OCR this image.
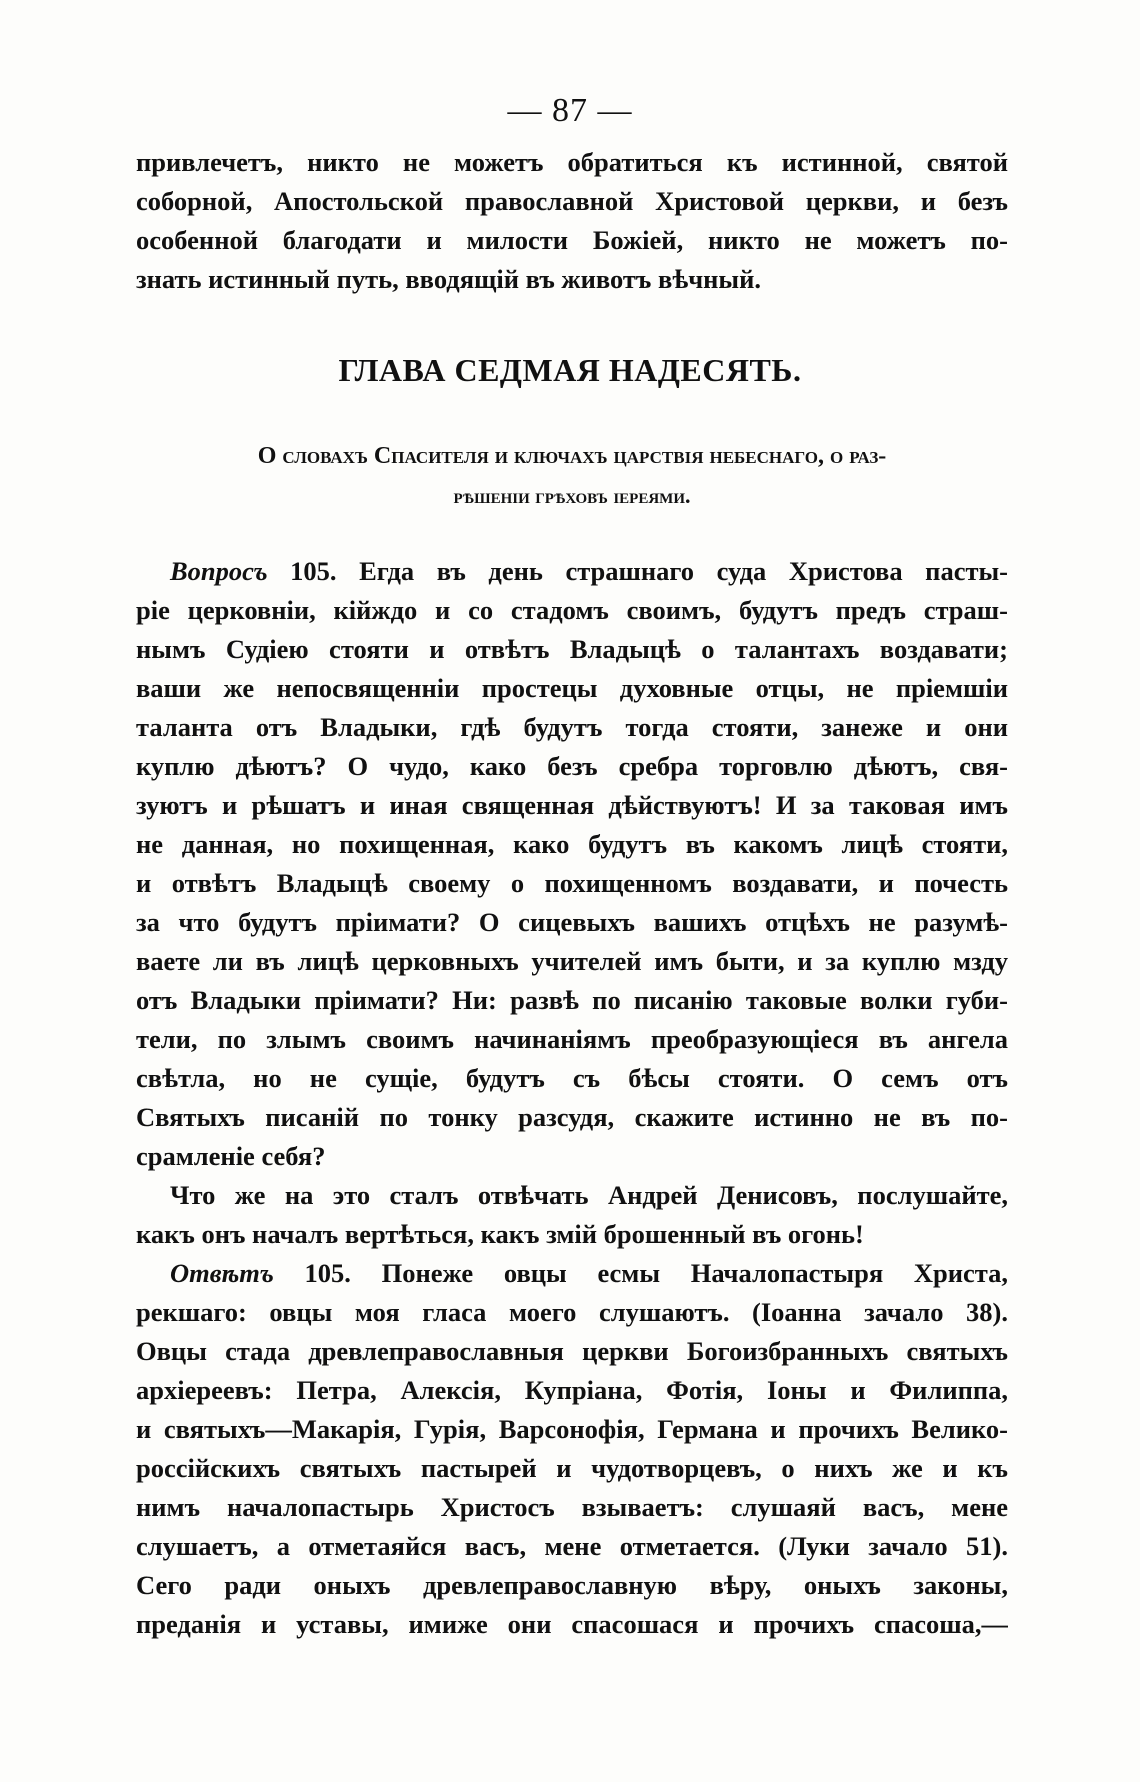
— 87 —
привлечетъ, никто не можетъ обратиться къ истинной, святой
соборной, Апостольской православной Христовой церкви, и безъ
особенной благодати и милости Божіей, никто не можетъ по-
знать истинный путь, вводящій въ животъ вѣчный.
ГЛАВА СЕДМАЯ НАДЕСЯТЬ.
О словахъ Спасителя и ключахъ царствія небеснаго, о раз-
рѣшеніи грѣховъ іереями.
Вопросъ 105. Егда въ день страшнаго суда Христова пасты-
ріе церковніи, кійждо и со стадомъ своимъ, будутъ предъ страш-
нымъ Судіею стояти и отвѣтъ Владыцѣ о талантахъ воздавати;
ваши же непосвященніи простецы духовные отцы, не пріемшіи
таланта отъ Владыки, гдѣ будутъ тогда стояти, занеже и они
куплю дѣютъ? О чудо, како безъ сребра торговлю дѣютъ, свя-
зуютъ и рѣшатъ и иная священная дѣйствуютъ! И за таковая имъ
не данная, но похищенная, како будутъ въ какомъ лицѣ стояти,
и отвѣтъ Владыцѣ своему о похищенномъ воздавати, и почесть
за что будутъ пріимати? О сицевыхъ вашихъ отцѣхъ не разумѣ-
ваете ли въ лицѣ церковныхъ учителей имъ быти, и за куплю мзду
отъ Владыки пріимати? Ни: развѣ по писанію таковые волки губи-
тели, по злымъ своимъ начинаніямъ преобразующіеся въ ангела
свѣтла, но не сущіе, будутъ съ бѣсы стояти. О семъ отъ
Святыхъ писаній по тонку разсудя, скажите истинно не въ по-
срамленіе себя?
Что же на это сталъ отвѣчать Андрей Денисовъ, послушайте,
какъ онъ началъ вертѣться, какъ змій брошенный въ огонь!
Отвѣтъ 105. Понеже овцы есмы Началопастыря Христа,
рекшаго: овцы моя гласа моего слушаютъ. (Іоанна зачало 38).
Овцы стада древлеправославныя церкви Богоизбранныхъ святыхъ
архіереевъ: Петра, Алексія, Купріана, Фотія, Іоны и Филиппа,
и святыхъ—Макарія, Гурія, Варсонофія, Германа и прочихъ Велико-
россійскихъ святыхъ пастырей и чудотворцевъ, о нихъ же и къ
нимъ началопастырь Христосъ взываетъ: слушаяй васъ, мене
слушаетъ, а отметаяйся васъ, мене отметается. (Луки зачало 51).
Сего ради оныхъ древлеправославную вѣру, оныхъ законы,
преданія и уставы, имиже они спасошася и прочихъ спасоша,—
